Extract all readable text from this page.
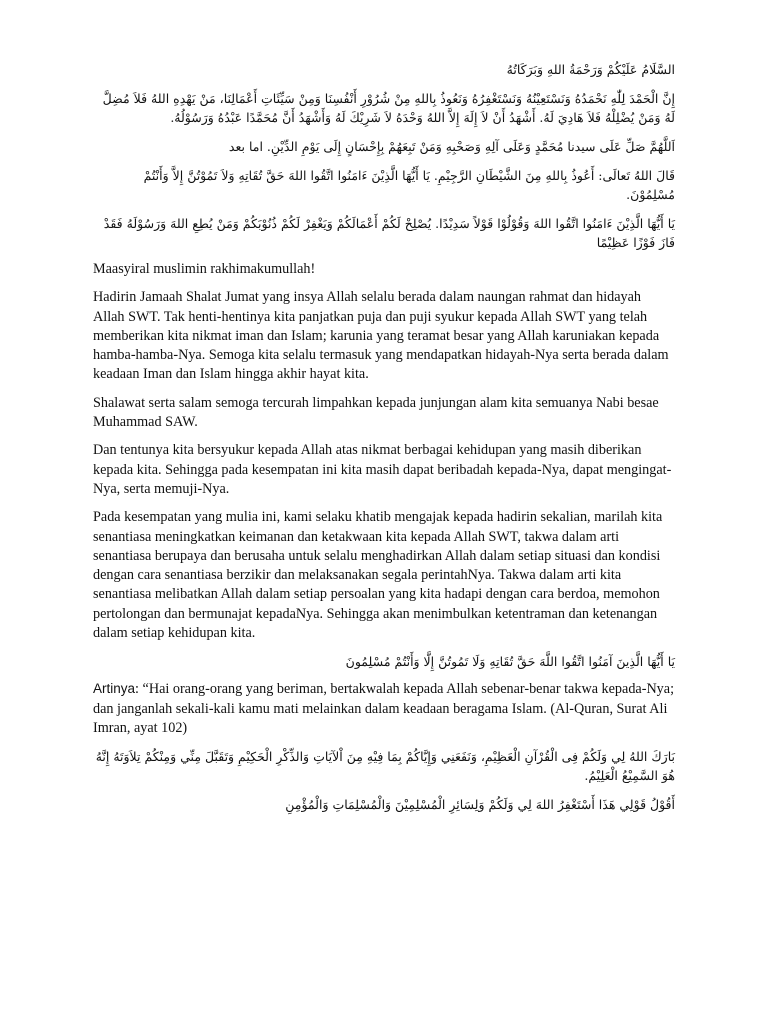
السَّلَامُ عَلَيْكُمْ وَرَحْمَةُ اللهِ وَبَرَكَاتُهُ

إِنَّ الْحَمْدَ لِلّٰهِ نَحْمَدُهُ وَنَسْتَعِيْنُهُ وَنَسْتَغْفِرُهُ وَنَعُوذُ بِاللهِ مِنْ شُرُوْرِ أَنْفُسِنَا وَمِنْ سَيِّئَاتِ أَعْمَالِنَا، مَنْ يَهْدِهِ اللهُ فَلاَ مُضِلَّ لَهُ وَمَنْ يُضْلِلْهُ فَلاَ هَادِيَ لَهُ. أَشْهَدُ أَنْ لاَ إِلَهَ إِلاَّ اللهُ وَحْدَهُ لاَ شَرِيْكَ لَهُ وَأَشْهَدُ أَنَّ مُحَمَّدًا عَبْدُهُ وَرَسُوْلُهُ.

اَللَّهُمَّ صَلِّ عَلَى سيدنا مُحَمَّدٍ وَعَلَى آلِهِ وَصَحْبِهِ وَمَنْ تَبِعَهُمْ بِإِحْسَانٍ إِلَى يَوْمِ الدِّيْنِ. اما بعد

قَالَ اللهُ تَعالَى: أَعُوذُ بِاللهِ مِنَ الشَّيْطَانِ الرَّجِيْمِ. يَا أَيُّهَا الَّذِيْنَ ءَامَنُوا اتَّقُوا اللهَ حَقَّ تُقَاتِهِ وَلاَ تَمُوْتُنَّ إِلاَّ وَأَنْتُمْ مُسْلِمُوْنَ.

يَا أَيُّهَا الَّذِيْنَ ءَامَنُوا اتَّقُوا اللهَ وَقُوْلُوْا قَوْلاً سَدِيْدًا. يُصْلِحْ لَكُمْ أَعْمَالَكُمْ وَيَغْفِرْ لَكُمْ ذُنُوْبَكُمْ وَمَنْ يُطِعِ اللهَ وَرَسُوْلَهُ فَقَدْ فَازَ فَوْزًا عَظِيْمًا

Maasyiral muslimin rakhimakumullah!

Hadirin Jamaah Shalat Jumat yang insya Allah selalu berada dalam naungan rahmat dan hidayah Allah SWT. Tak henti-hentinya kita panjatkan puja dan puji syukur kepada Allah SWT yang telah memberikan kita nikmat iman dan Islam; karunia yang teramat besar yang Allah karuniakan kepada hamba-hamba-Nya. Semoga kita selalu termasuk yang mendapatkan hidayah-Nya serta berada dalam keadaan Iman dan Islam hingga akhir hayat kita.

Shalawat serta salam semoga tercurah limpahkan kepada junjungan alam kita semuanya Nabi besae Muhammad SAW.

Dan tentunya kita bersyukur kepada Allah atas nikmat berbagai kehidupan yang masih diberikan kepada kita. Sehingga pada kesempatan ini kita masih dapat beribadah kepada-Nya, dapat mengingat-Nya, serta memuji-Nya.

Pada kesempatan yang mulia ini, kami selaku khatib mengajak kepada hadirin sekalian, marilah kita senantiasa meningkatkan keimanan dan ketakwaan kita kepada Allah SWT, takwa dalam arti senantiasa berupaya dan berusaha untuk selalu menghadirkan Allah dalam setiap situasi dan kondisi dengan cara senantiasa berzikir dan melaksanakan segala perintahNya. Takwa dalam arti kita senantiasa melibatkan Allah dalam setiap persoalan yang kita hadapi dengan cara berdoa, memohon pertolongan dan bermunajat kepadaNya. Sehingga akan menimbulkan ketentraman dan ketenangan dalam setiap kehidupan kita.

يَا أَيُّهَا الَّذِينَ آمَنُوا اتَّقُوا اللَّهَ حَقَّ تُقَاتِهِ وَلَا تَمُوتُنَّ إِلَّا وَأَنْتُمْ مُسْلِمُونَ

Artinya: “Hai orang-orang yang beriman, bertakwalah kepada Allah sebenar-benar takwa kepada-Nya; dan janganlah sekali-kali kamu mati melainkan dalam keadaan beragama Islam. (Al-Quran, Surat Ali Imran, ayat 102)

بَارَكَ اللهُ لِي وَلَكُمْ فِى الْقُرْآنِ الْعَظِيْمِ، وَنَفَعَنِي وَإِيَّاكُمْ بِمَا فِيْهِ مِنَ اْلآيَاتِ وَالذِّكْرِ الْحَكِيْمِ وَتَقَبَّلَ مِنِّي وَمِنْكُمْ تِلاَوَتَهُ إِنَّهُ هُوَ السَّمِيْعُ الْعَلِيْمُ.

أَقُوْلُ قَوْلِي هَذَا أَسْتَغْفِرُ اللهَ لِي وَلَكُمْ وَلِسَائِرِ الْمُسْلِمِيْنَ وَالْمُسْلِمَاتِ وَالْمُؤْمِنِ
